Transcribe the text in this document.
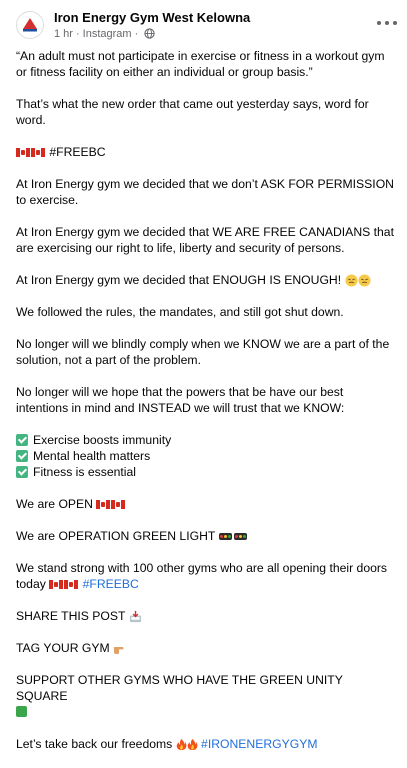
Iron Energy Gym West Kelowna
1 hr · Instagram ·

“An adult must not participate in exercise or fitness in a workout gym or fitness facility on either an individual or group basis.”

That’s what the new order that came out yesterday says, word for word.

#FREEBC

At Iron Energy gym we decided that we don’t ASK FOR PERMISSION to exercise.

At Iron Energy gym we decided that WE ARE FREE CANADIANS that are exercising our right to life, liberty and security of persons.

At Iron Energy gym we decided that ENOUGH IS ENOUGH!

We followed the rules, the mandates, and still got shut down.

No longer will we blindly comply when we KNOW we are a part of the solution, not a part of the problem.

No longer will we hope that the powers that be have our best intentions in mind and INSTEAD we will trust that we KNOW:

Exercise boosts immunity

Mental health matters

Fitness is essential

We are OPEN

We are OPERATION GREEN LIGHT

We stand strong with 100 other gyms who are all opening their doors today	#FREEBC

SHARE THIS POST

TAG YOUR GYM

SUPPORT OTHER GYMS WHO HAVE THE GREEN UNITY SQUARE

Let’s take back our freedoms #IRONENERGYGYM
